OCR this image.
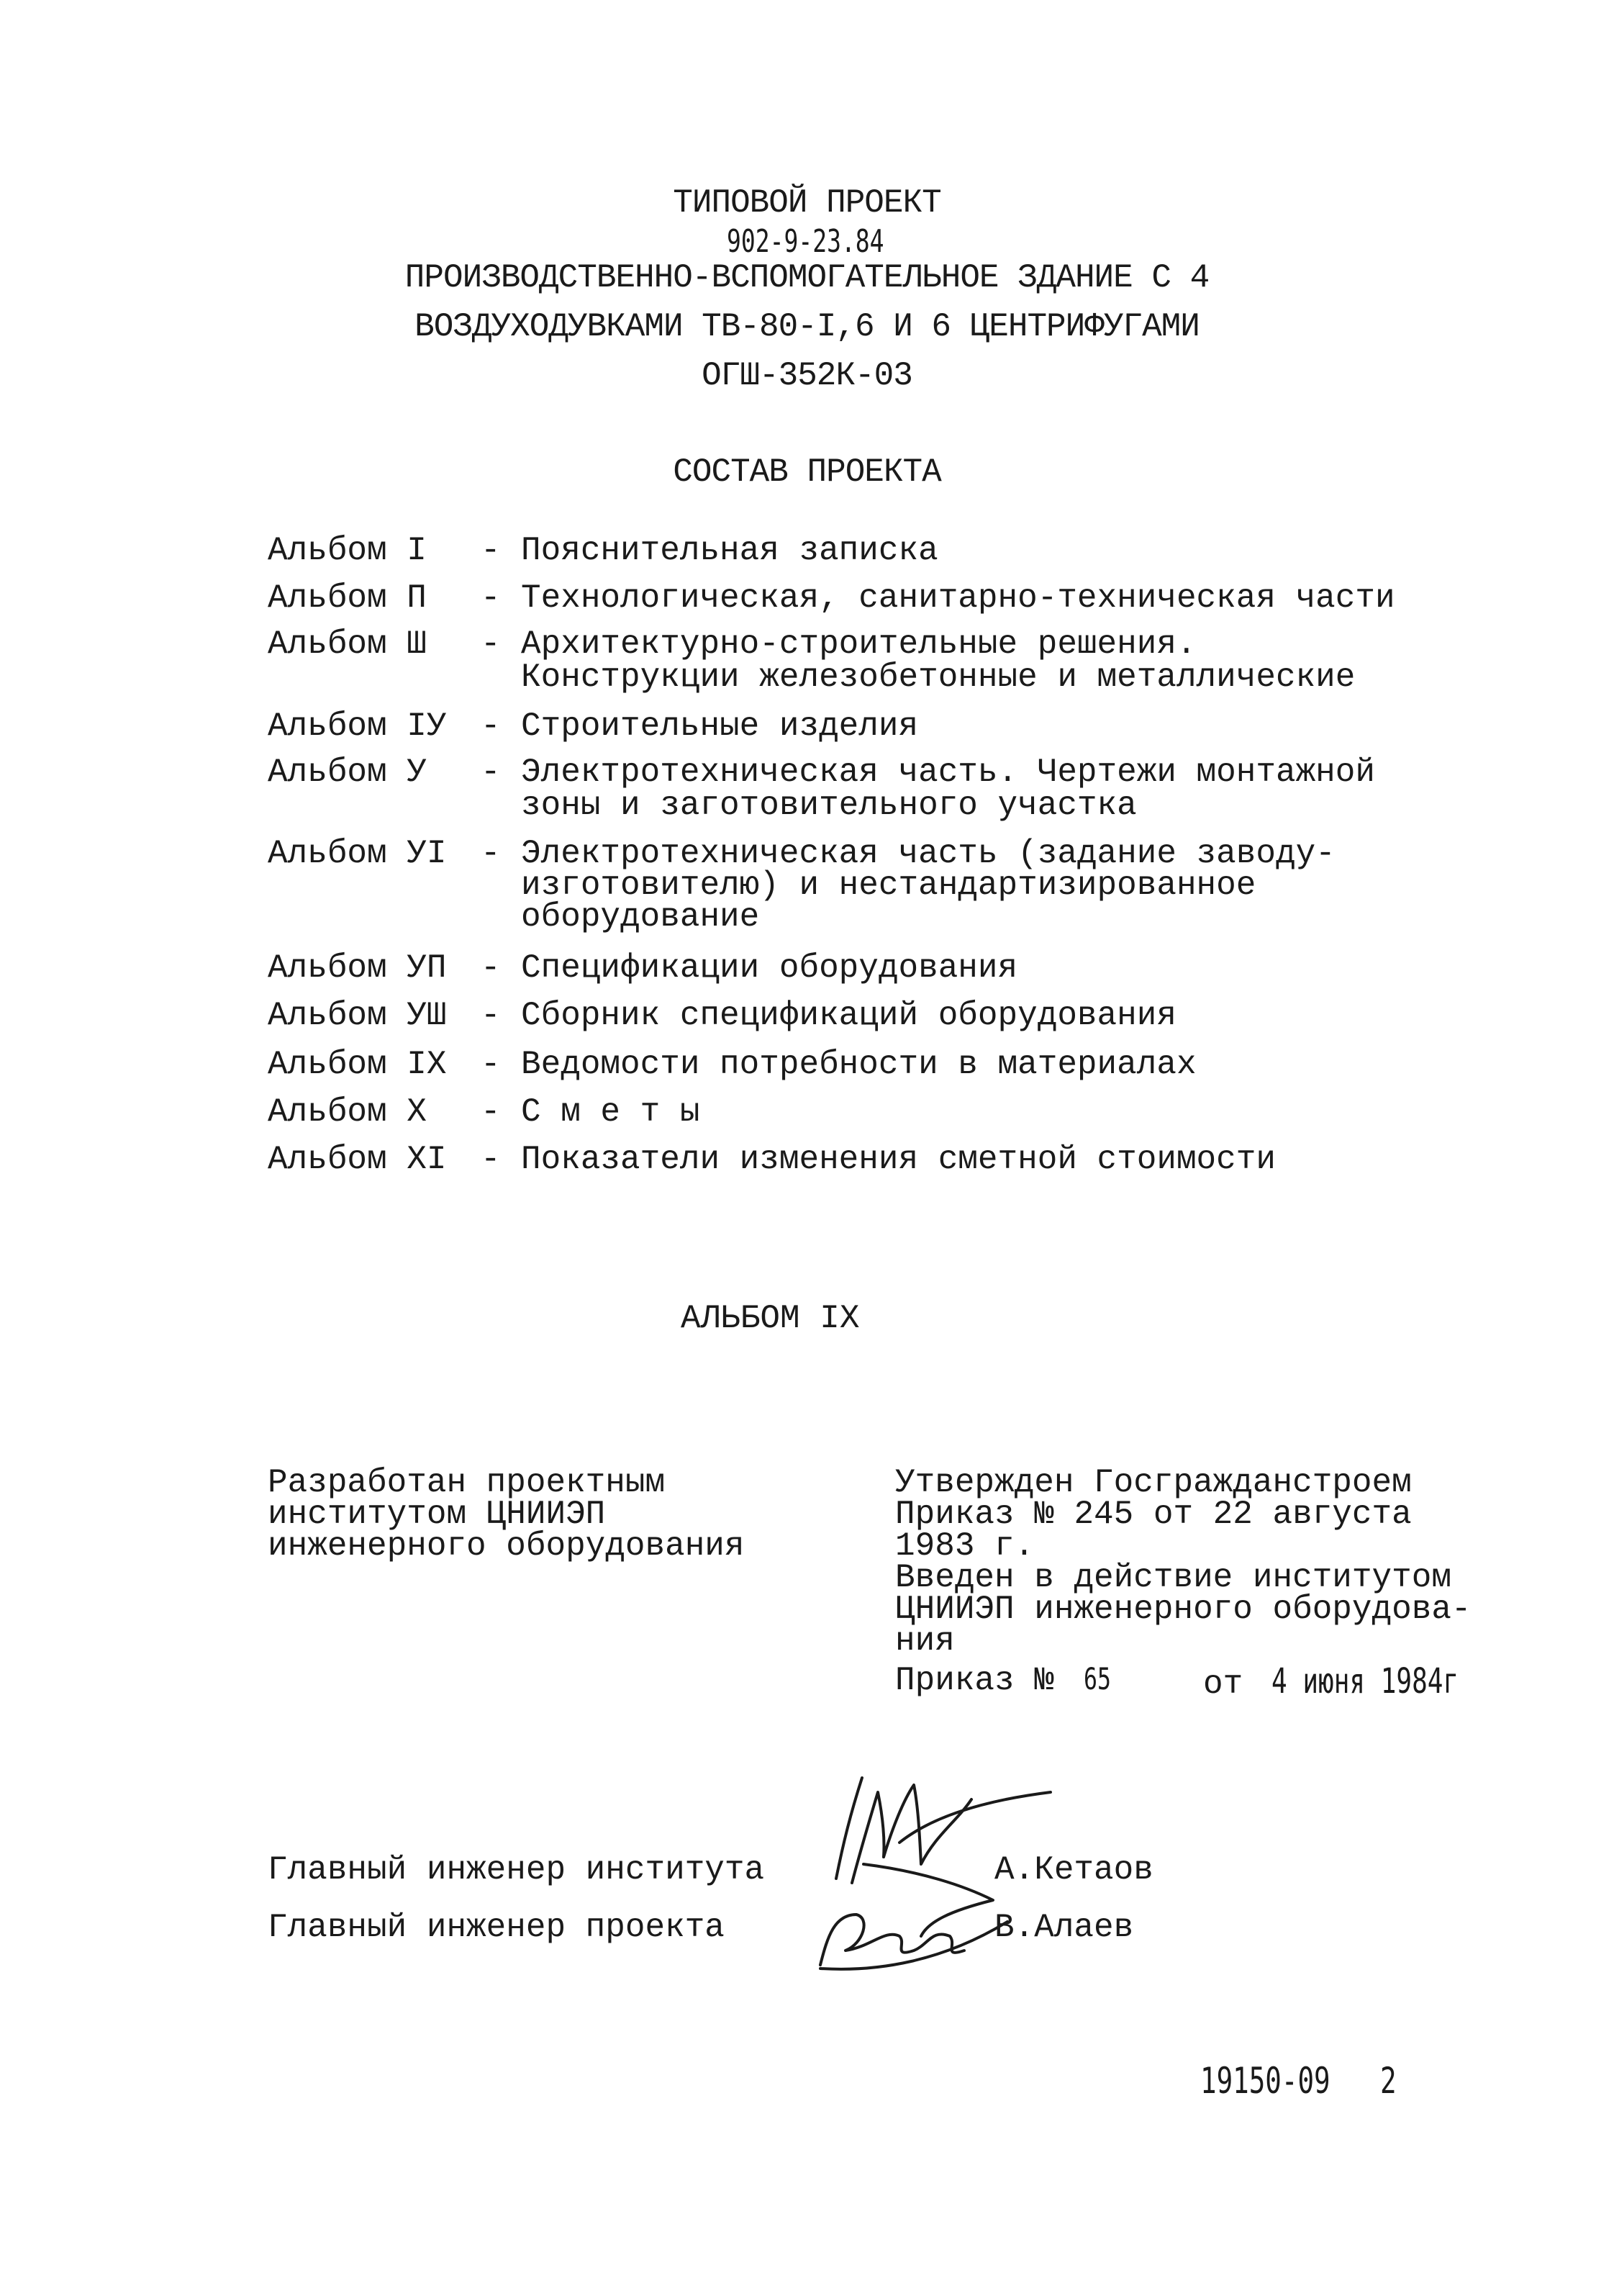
ТИПОВОЙ ПРОЕКТ
902-9-23.84
ПРОИЗВОДСТВЕННО-ВСПОМОГАТЕЛЬНОЕ ЗДАНИЕ С 4
ВОЗДУХОДУВКАМИ ТВ-80-I,6 И 6 ЦЕНТРИФУГАМИ
ОГШ-352К-03
СОСТАВ ПРОЕКТА
Альбом I	- Пояснительная записка
Альбом П	- Технологическая, санитарно-техническая части
Альбом Ш	- Архитектурно-строительные решения.
Конструкции железобетонные и металлические
Альбом IУ	- Строительные изделия
Альбом У	- Электротехническая часть. Чертежи монтажной
зоны и заготовительного участка
Альбом УI	- Электротехническая часть (задание заводу-
изготовителю) и нестандартизированное
оборудование
Альбом УП	- Спецификации оборудования
Альбом УШ	- Сборник спецификаций оборудования
Альбом IX	- Ведомости потребности в материалах
Альбом X	- С м е т ы
Альбом XI	- Показатели изменения сметной стоимости
АЛЬБОМ IX
Разработан проектным
институтом ЦНИИЭП
инженерного оборудования
Утвержден Госгражданстроем
Приказ № 245 от 22 августа
1983 г.
Введен в действие институтом
ЦНИИЭП инженерного оборудова-
ния
Приказ № 65	от 4 июня 1984г
Главный инженер института	А.Кетаов
Главный инженер проекта	В.Алаев
19150-09 2
